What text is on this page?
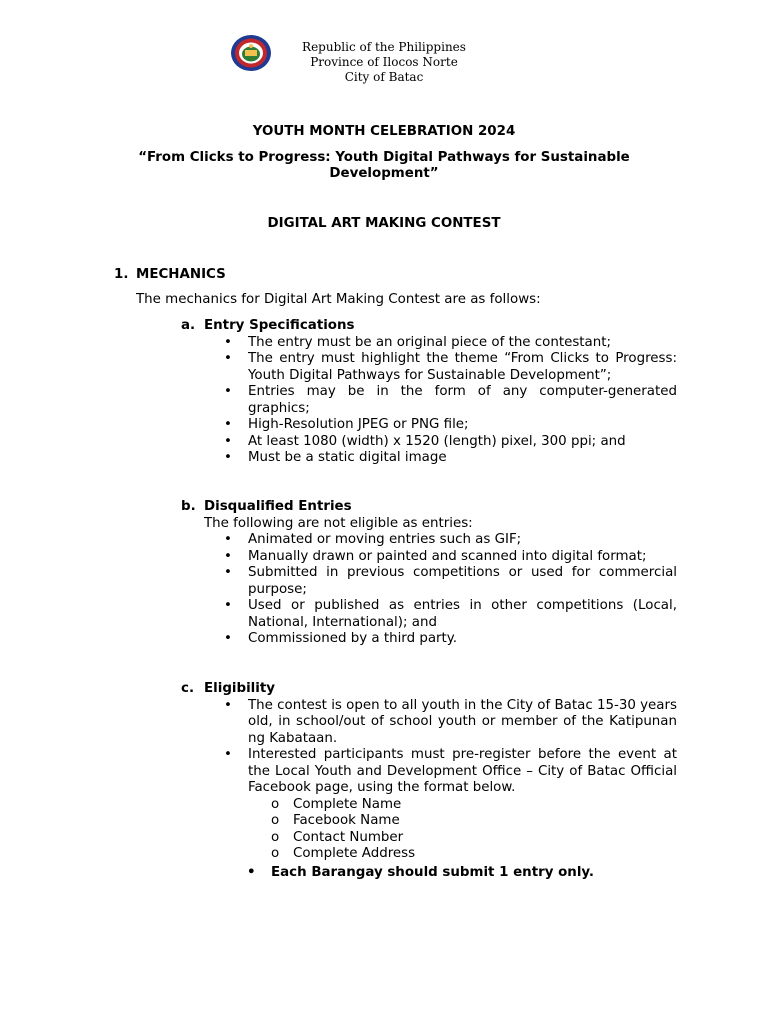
Republic of the Philippines
Province of Ilocos Norte
City of Batac
YOUTH MONTH CELEBRATION 2024
“From Clicks to Progress: Youth Digital Pathways for Sustainable Development”
DIGITAL ART MAKING CONTEST
1. MECHANICS
The mechanics for Digital Art Making Contest are as follows:
a. Entry Specifications
• The entry must be an original piece of the contestant;
• The entry must highlight the theme “From Clicks to Progress: Youth Digital Pathways for Sustainable Development”;
• Entries may be in the form of any computer-generated graphics;
• High-Resolution JPEG or PNG file;
• At least 1080 (width) x 1520 (length) pixel, 300 ppi; and
• Must be a static digital image
b. Disqualified Entries
The following are not eligible as entries:
• Animated or moving entries such as GIF;
• Manually drawn or painted and scanned into digital format;
• Submitted in previous competitions or used for commercial purpose;
• Used or published as entries in other competitions (Local, National, International); and
• Commissioned by a third party.
c. Eligibility
• The contest is open to all youth in the City of Batac 15-30 years old, in school/out of school youth or member of the Katipunan ng Kabataan.
• Interested participants must pre-register before the event at the Local Youth and Development Office – City of Batac Official Facebook page, using the format below.
o Complete Name
o Facebook Name
o Contact Number
o Complete Address
• Each Barangay should submit 1 entry only.
